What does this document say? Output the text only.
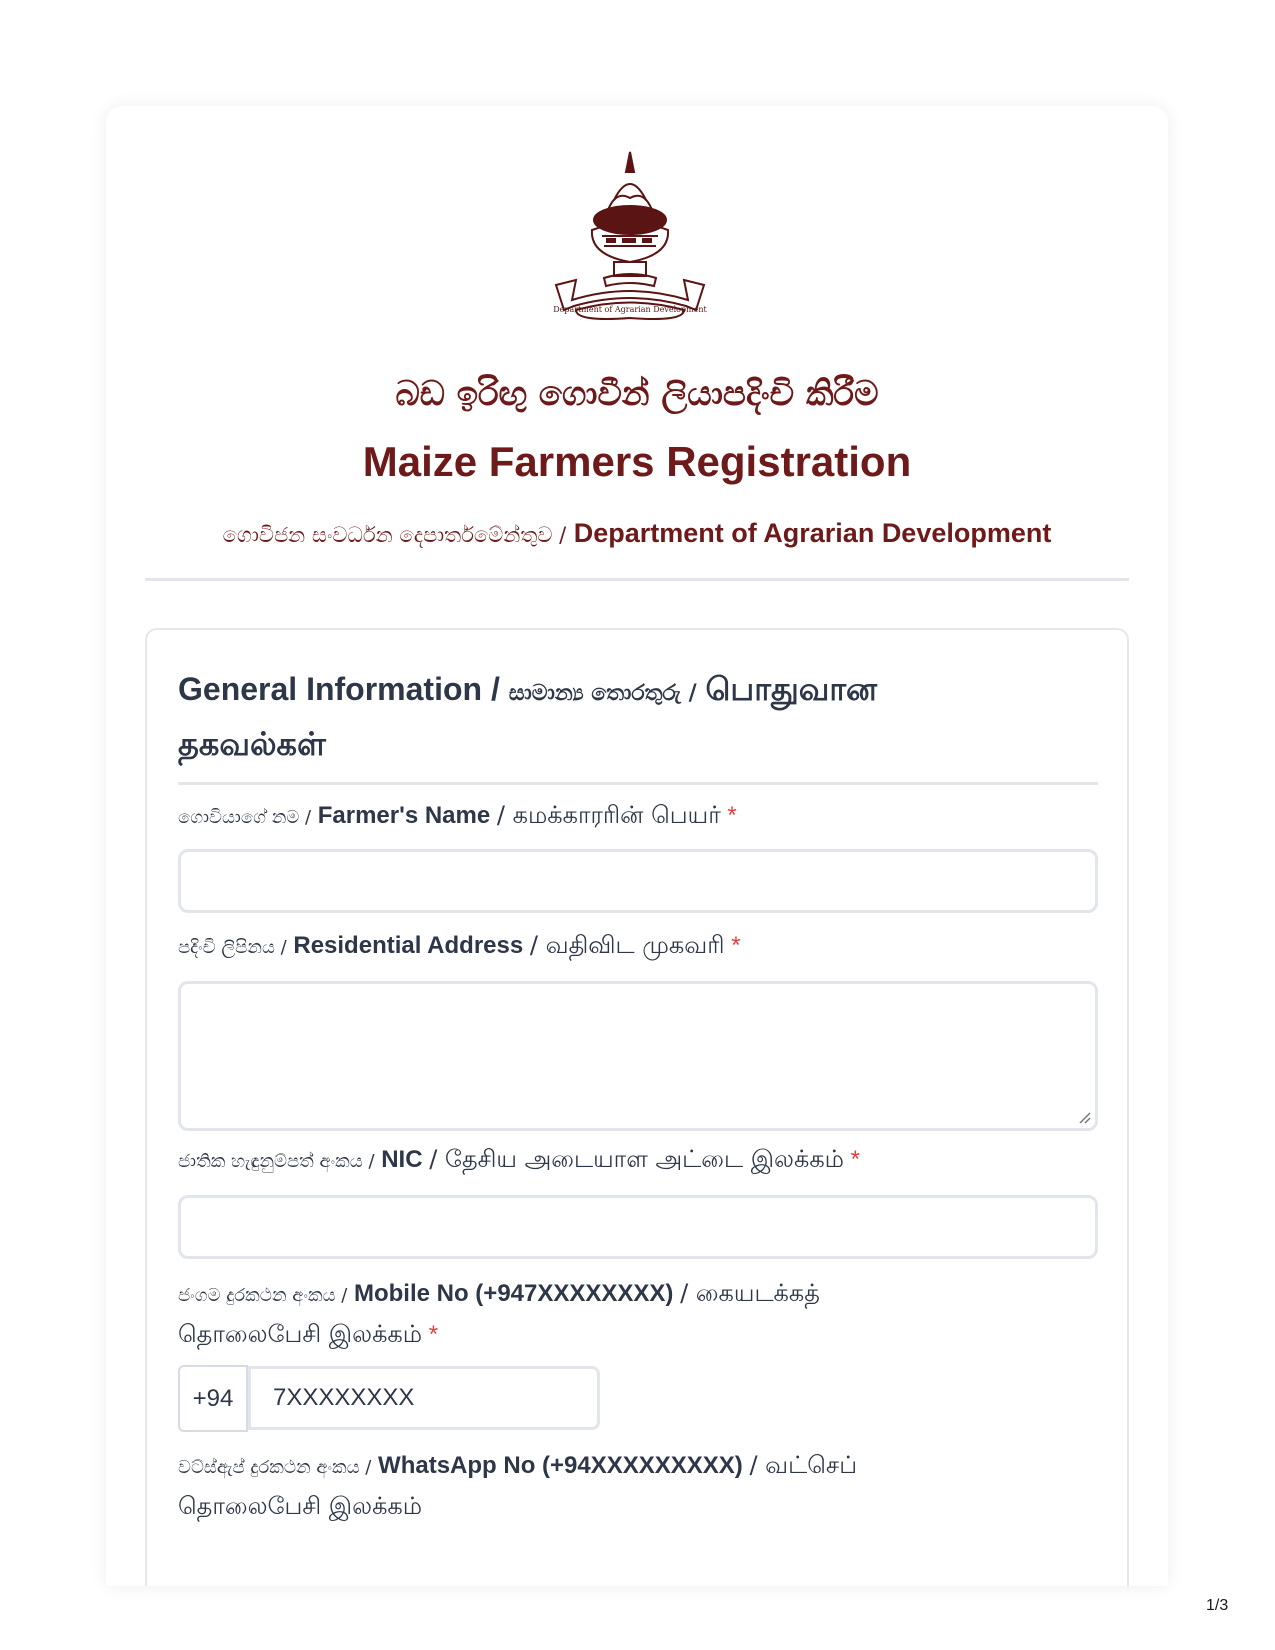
Department of Agrarian Development
බඩ ඉරිඟු ගොවීන් ලියාපදිංචි කිරීම
Maize Farmers Registration
ගොවිජන සංවර්ධන දෙපාර්තමේන්තුව / Department of Agrarian Development
General Information / සාමාන්‍ය තොරතුරු / பொதுவான தகவல்கள்
ගොවියාගේ නම / Farmer's Name / கமக்காரரின் பெயர் *
පදිංචි ලිපිනය / Residential Address / வதிவிட முகவரி *
ජාතික හැඳුනුම්පත් අංකය / NIC / தேசிய அடையாள அட்டை இலக்கம் *
ජංගම දුරකථන අංකය / Mobile No (+947XXXXXXXX) / கையடக்கத் தொலைபேசி இலக்கம் *
+94	7XXXXXXXX
වට්ස්ඇප් දුරකථන අංකය / WhatsApp No (+94XXXXXXXXX) / வட்செப் தொலைபேசி இலக்கம்
1/3
